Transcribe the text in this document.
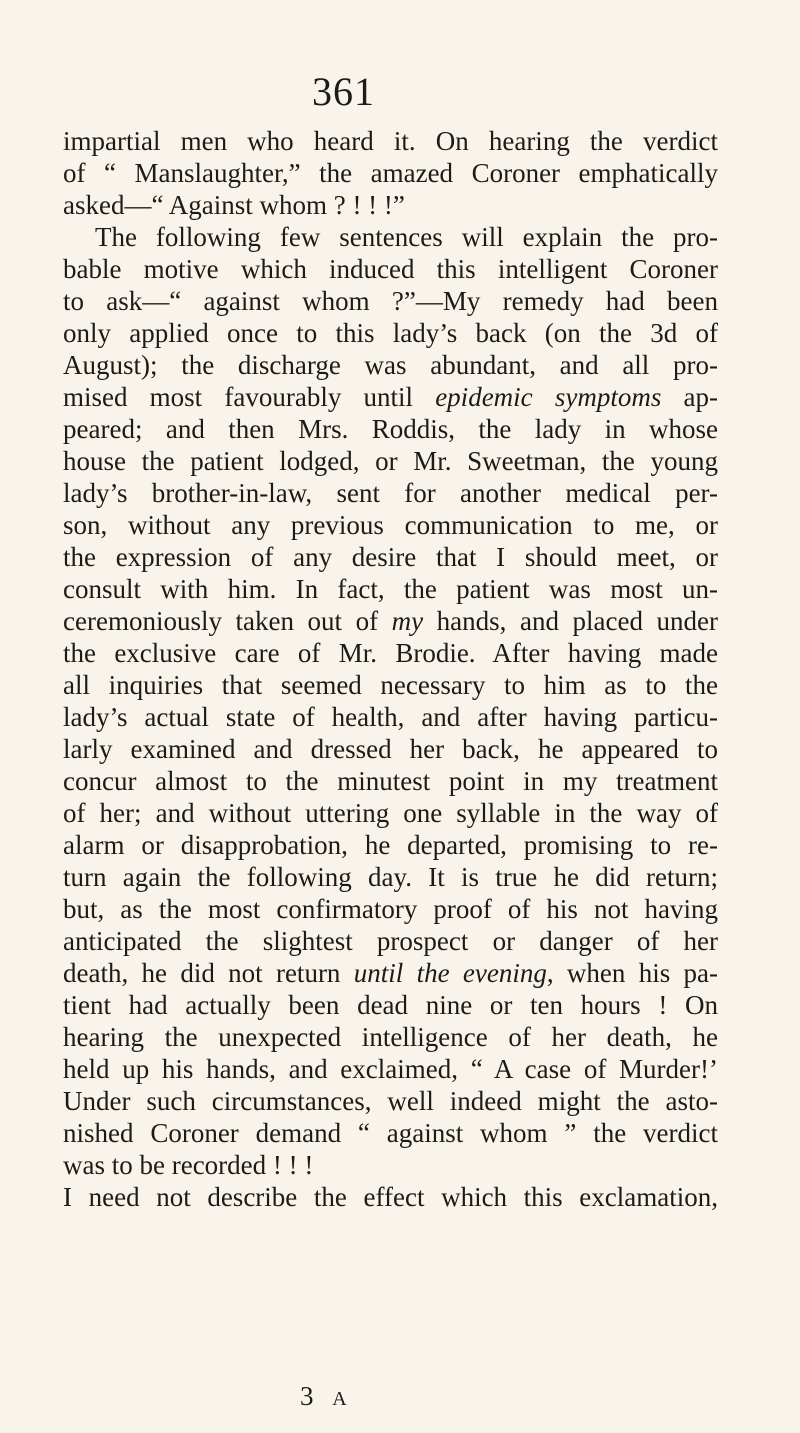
361
impartial men who heard it. On hearing the verdict
of “ Manslaughter,” the amazed Coroner emphatically
asked—“ Against whom ? ! ! !”
The following few sentences will explain the pro-
bable motive which induced this intelligent Coroner
to ask—“ against whom ?”—My remedy had been
only applied once to this lady’s back (on the 3d of
August); the discharge was abundant, and all pro-
mised most favourably until epidemic symptoms ap-
peared; and then Mrs. Roddis, the lady in whose
house the patient lodged, or Mr. Sweetman, the young
lady’s brother-in-law, sent for another medical per-
son, without any previous communication to me, or
the expression of any desire that I should meet, or
consult with him. In fact, the patient was most un-
ceremoniously taken out of my hands, and placed under
the exclusive care of Mr. Brodie. After having made
all inquiries that seemed necessary to him as to the
lady’s actual state of health, and after having particu-
larly examined and dressed her back, he appeared to
concur almost to the minutest point in my treatment
of her; and without uttering one syllable in the way of
alarm or disapprobation, he departed, promising to re-
turn again the following day. It is true he did return;
but, as the most confirmatory proof of his not having
anticipated the slightest prospect or danger of her
death, he did not return until the evening, when his pa-
tient had actually been dead nine or ten hours ! On
hearing the unexpected intelligence of her death, he
held up his hands, and exclaimed, “ A case of Murder!’
Under such circumstances, well indeed might the asto-
nished Coroner demand “ against whom ” the verdict
was to be recorded ! ! !
I need not describe the effect which this exclamation,
3 A
